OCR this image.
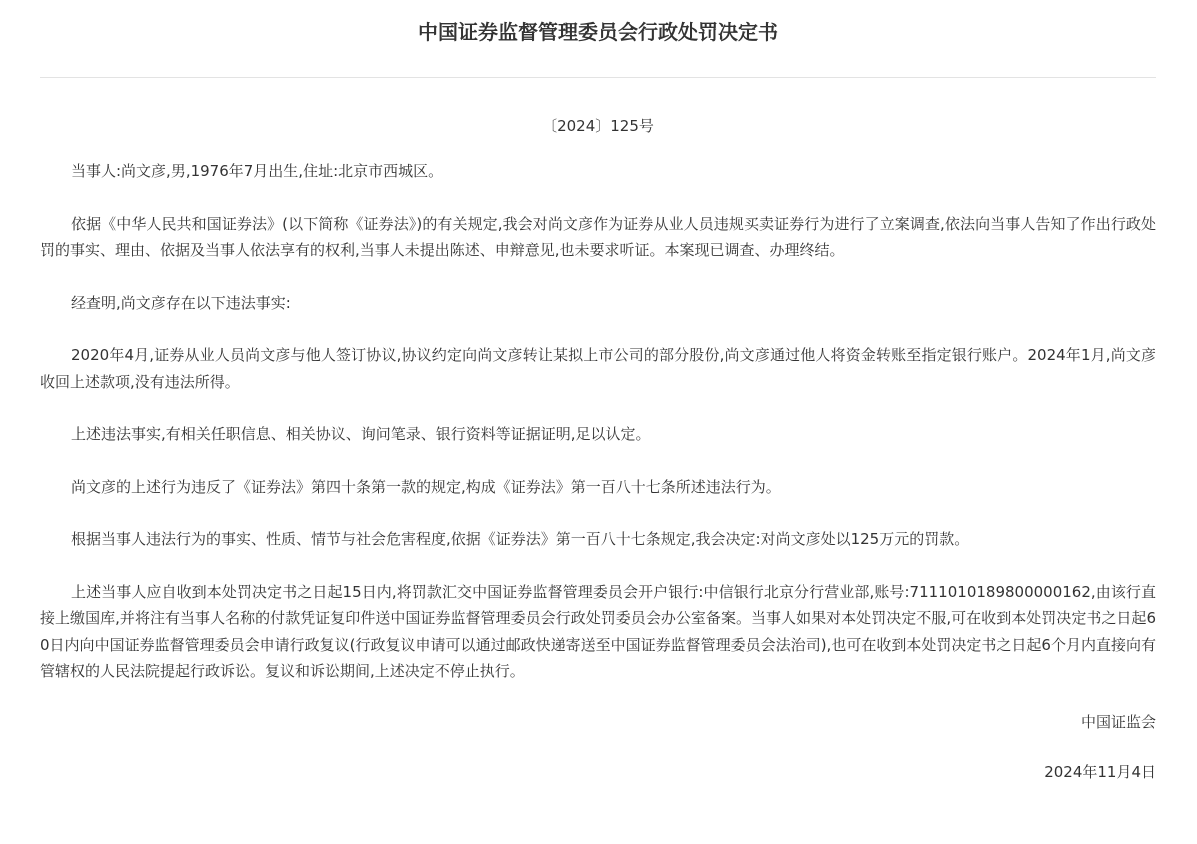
中国证券监督管理委员会行政处罚决定书
〔2024〕125号

当事人:尚文彦,男,1976年7月出生,住址:北京市西城区。

依据《中华人民共和国证券法》(以下简称《证券法》)的有关规定,我会对尚文彦作为证券从业人员违规买卖证券行为进行了立案调查,依法向当事人告知了作出行政处罚的事实、理由、依据及当事人依法享有的权利,当事人未提出陈述、申辩意见,也未要求听证。本案现已调查、办理终结。

经查明,尚文彦存在以下违法事实:

2020年4月,证券从业人员尚文彦与他人签订协议,协议约定向尚文彦转让某拟上市公司的部分股份,尚文彦通过他人将资金转账至指定银行账户。2024年1月,尚文彦收回上述款项,没有违法所得。

上述违法事实,有相关任职信息、相关协议、询问笔录、银行资料等证据证明,足以认定。

尚文彦的上述行为违反了《证券法》第四十条第一款的规定,构成《证券法》第一百八十七条所述违法行为。

根据当事人违法行为的事实、性质、情节与社会危害程度,依据《证券法》第一百八十七条规定,我会决定:对尚文彦处以125万元的罚款。

上述当事人应自收到本处罚决定书之日起15日内,将罚款汇交中国证券监督管理委员会开户银行:中信银行北京分行营业部,账号:7111010189800000162,由该行直接上缴国库,并将注有当事人名称的付款凭证复印件送中国证券监督管理委员会行政处罚委员会办公室备案。当事人如果对本处罚决定不服,可在收到本处罚决定书之日起60日内向中国证券监督管理委员会申请行政复议(行政复议申请可以通过邮政快递寄送至中国证券监督管理委员会法治司),也可在收到本处罚决定书之日起6个月内直接向有管辖权的人民法院提起行政诉讼。复议和诉讼期间,上述决定不停止执行。

中国证监会

2024年11月4日
